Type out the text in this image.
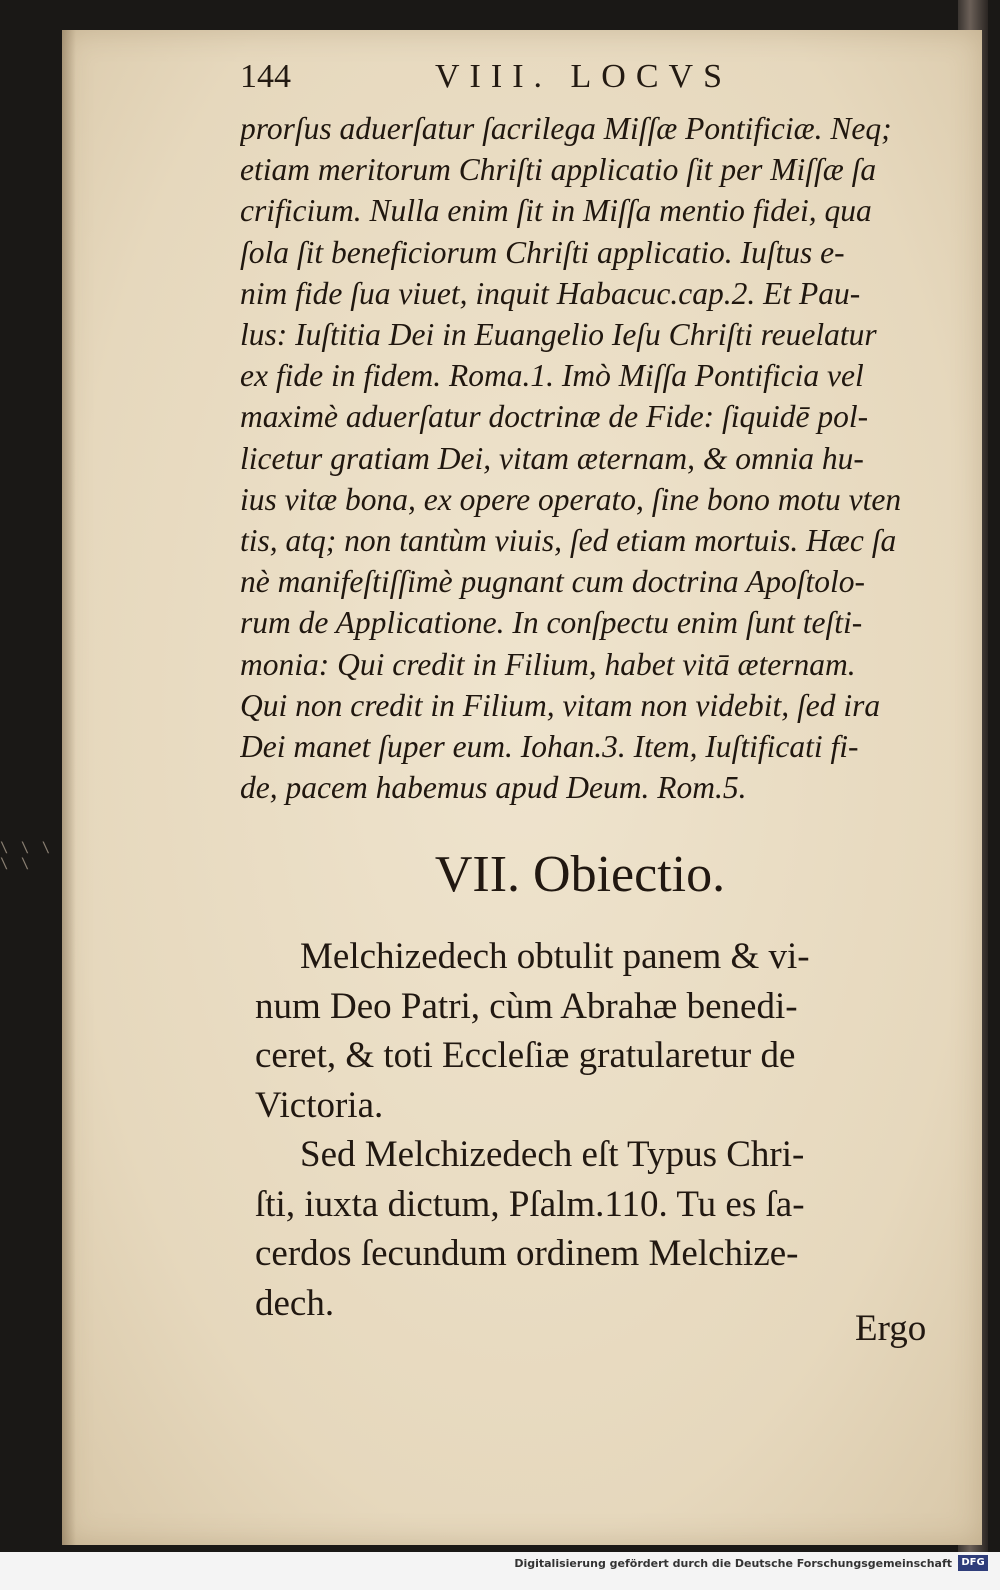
\ \ \ \ \
144	VIII. LOCVS
prorſus aduerſatur ſacrilega Miſſæ Pontificiæ. Neq;
etiam meritorum Chriſti applicatio ſit per Miſſæ ſa
crificium. Nulla enim ſit in Miſſa mentio fidei, qua
ſola ſit beneficiorum Chriſti applicatio. Iuſtus e-
nim fide ſua viuet, inquit Habacuc.cap.2. Et Pau-
lus: Iuſtitia Dei in Euangelio Ieſu Chriſti reuelatur
ex fide in fidem. Roma.1. Imò Miſſa Pontificia vel
maximè aduerſatur doctrinæ de Fide: ſiquidē pol-
licetur gratiam Dei, vitam æternam, & omnia hu-
ius vitæ bona, ex opere operato, ſine bono motu vten
tis, atq; non tantùm viuis, ſed etiam mortuis. Hæc ſa
nè manifeſtiſſimè pugnant cum doctrina Apoſtolo-
rum de Applicatione. In conſpectu enim ſunt teſti-
monia: Qui credit in Filium, habet vitā æternam.
Qui non credit in Filium, vitam non videbit, ſed ira
Dei manet ſuper eum. Iohan.3. Item, Iuſtificati fi-
de, pacem habemus apud Deum. Rom.5.
VII. Obiectio.
Melchizedech obtulit panem & vi-
num Deo Patri, cùm Abrahæ benedi-
ceret, & toti Eccleſiæ gratularetur de
Victoria.
Sed Melchizedech eſt Typus Chri-
ſti, iuxta dictum, Pſalm.110. Tu es ſa-
cerdos ſecundum ordinem Melchize-
dech.
Ergo
Digitalisierung gefördert durch die Deutsche Forschungsgemeinschaft DFG
